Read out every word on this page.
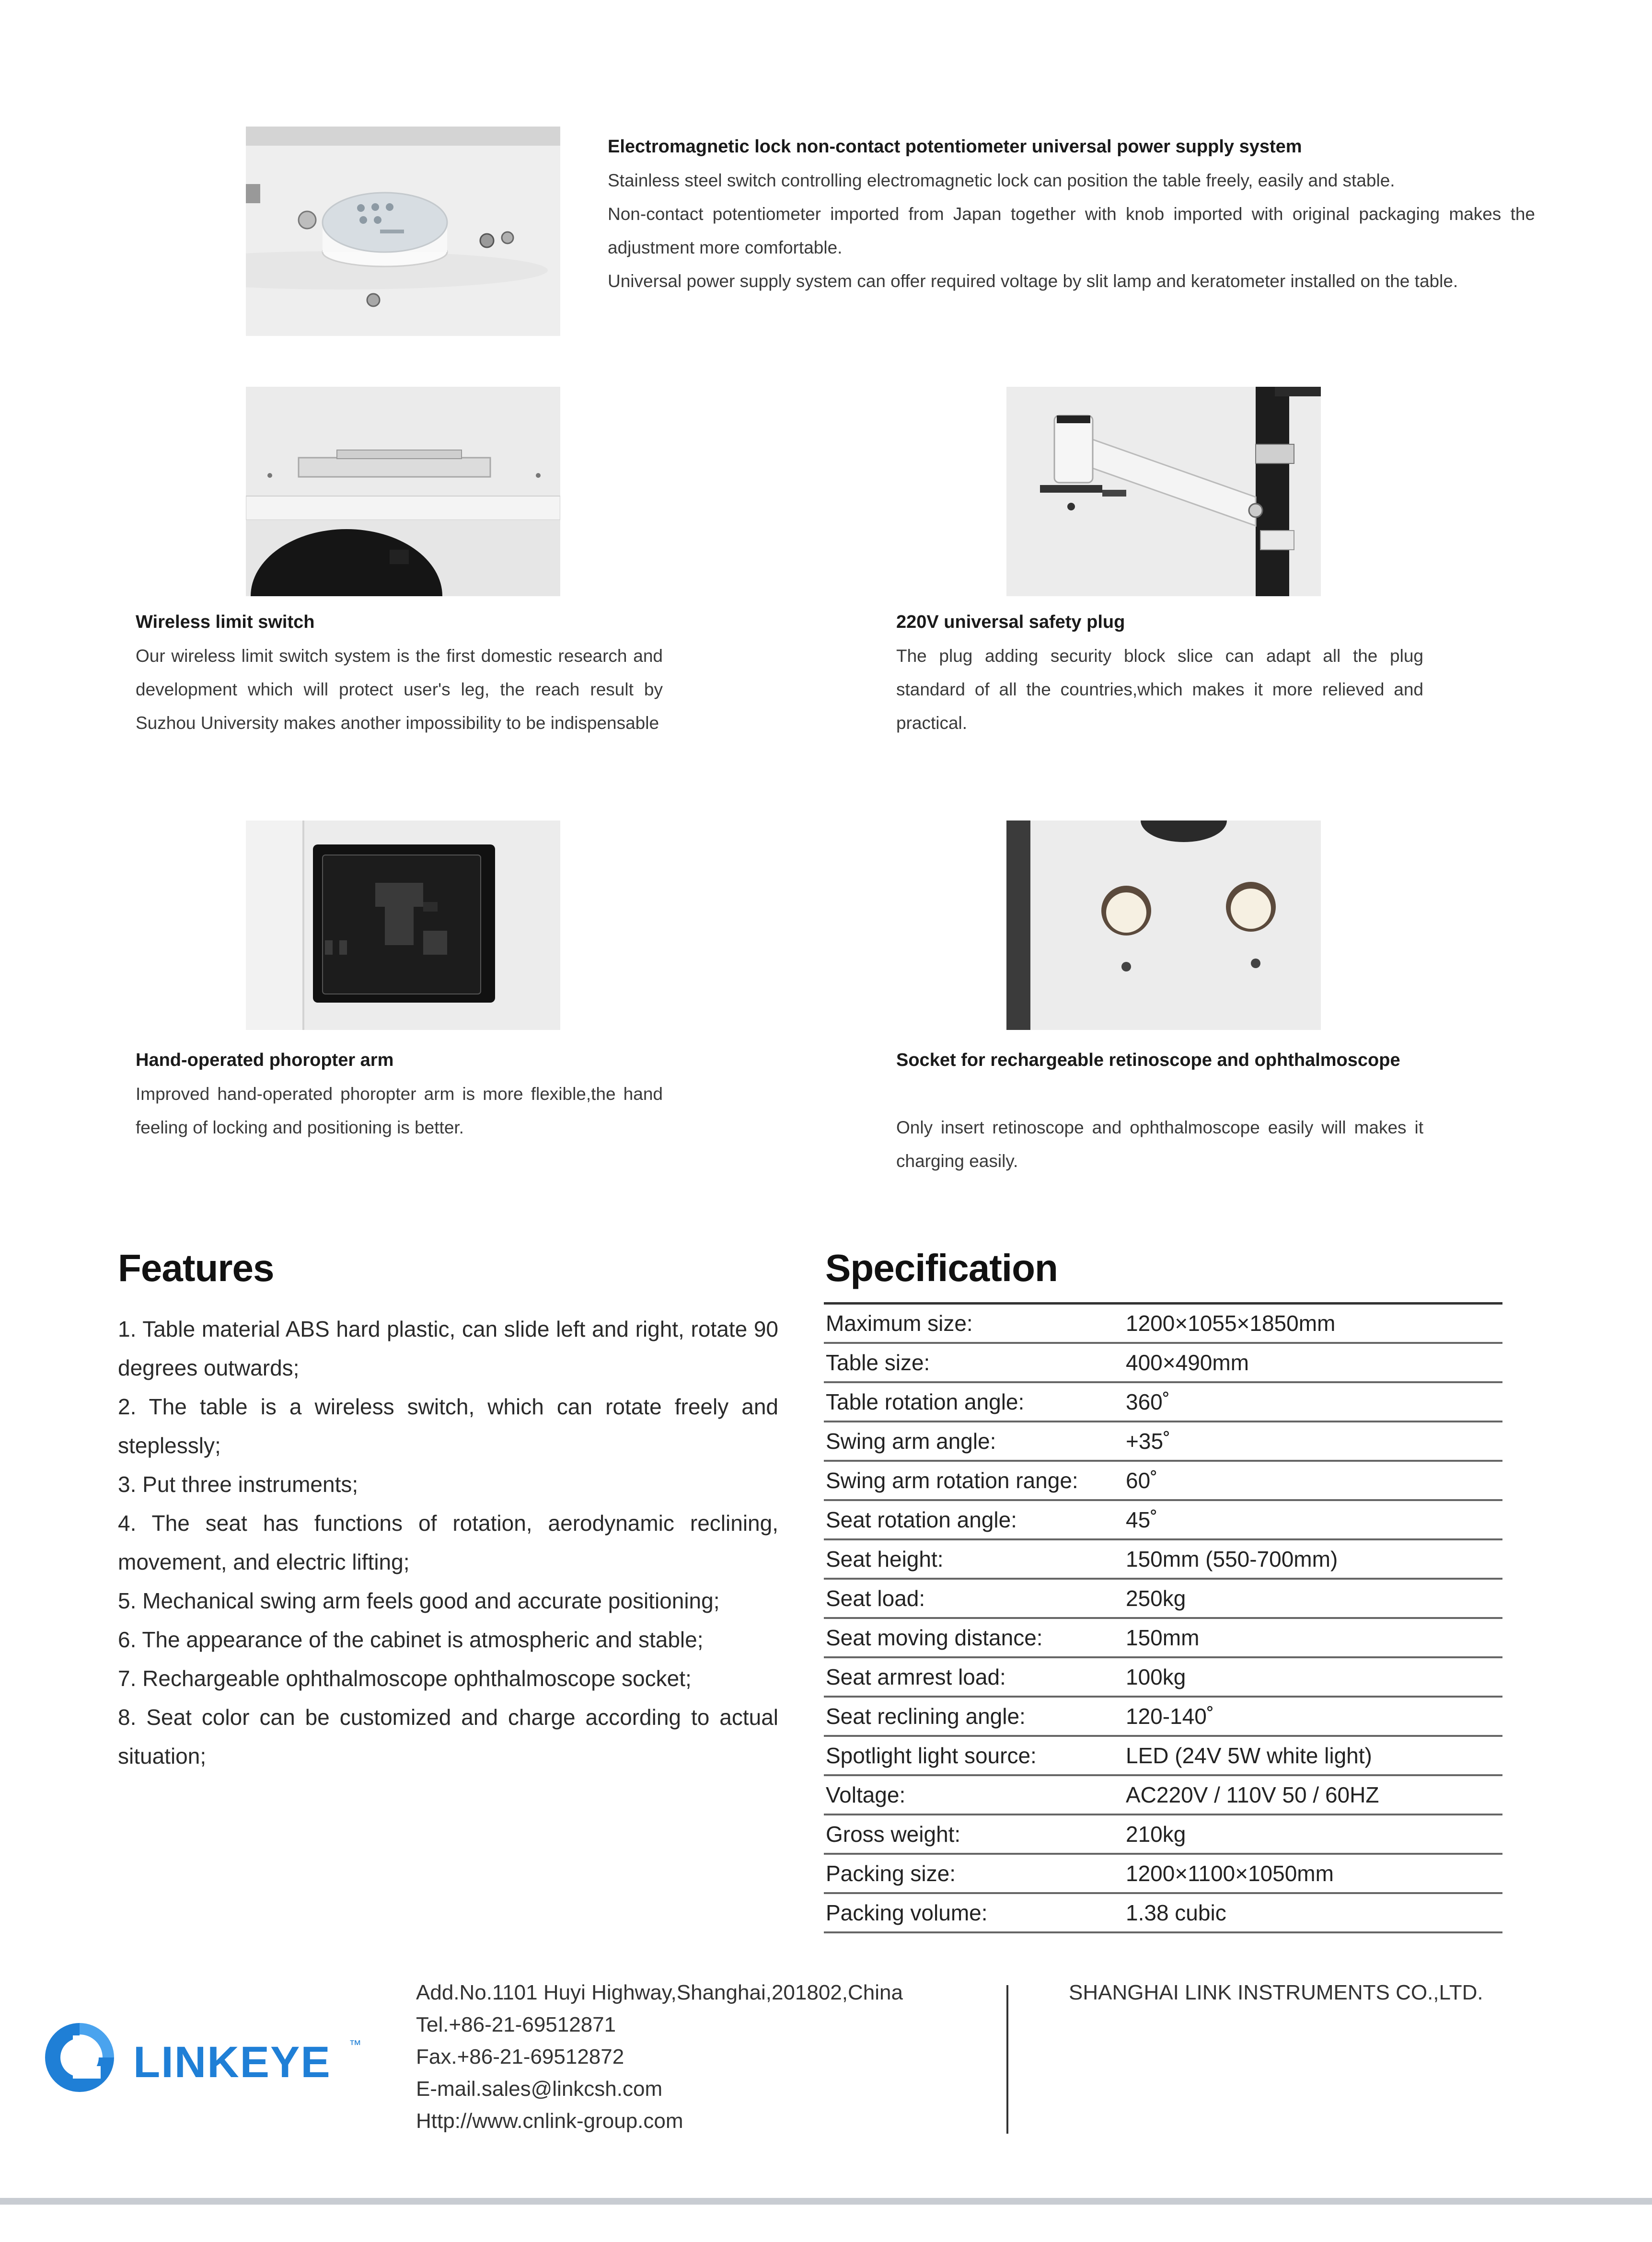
Electromagnetic lock non-contact potentiometer universal power supply system
Stainless steel switch controlling electromagnetic lock can position the table freely, easily and stable.
Non-contact potentiometer imported from Japan together with knob imported with original packaging makes the adjustment more comfortable.
Universal power supply system can offer required voltage by slit lamp and keratometer installed on the table.
Wireless limit switch
Our wireless limit switch system is the first domestic research and development which will protect user's leg, the reach result by Suzhou University makes another impossibility to be indispensable
220V universal safety plug
The plug adding security block slice can adapt all the plug standard of all the countries,which makes it more relieved and practical.
Hand-operated phoropter arm
Improved hand-operated phoropter arm is more flexible,the hand feeling of locking and positioning is better.
Socket for rechargeable retinoscope and ophthalmoscope
Only insert retinoscope and ophthalmoscope easily will makes it charging easily.
Features
1. Table material ABS hard plastic, can slide left and right, rotate 90 degrees outwards;
2. The table is a wireless switch, which can rotate freely and steplessly;
3. Put three instruments;
4. The seat has functions of rotation, aerodynamic reclining, movement, and electric lifting;
5. Mechanical swing arm feels good and accurate positioning;
6. The appearance of the cabinet is atmospheric and stable;
7. Rechargeable ophthalmoscope ophthalmoscope socket;
8. Seat color can be customized and charge according to actual situation;
Specification
Maximum size:	1200×1055×1850mm
Table size:	400×490mm
Table rotation angle:	360˚
Swing arm angle:	+35˚
Swing arm rotation range:	60˚
Seat rotation angle:	45˚
Seat height:	150mm (550-700mm)
Seat load:	250kg
Seat moving distance:	150mm
Seat armrest load:	100kg
Seat reclining angle:	120-140˚
Spotlight light source:	LED (24V 5W white light)
Voltage:	AC220V / 110V 50 / 60HZ
Gross weight:	210kg
Packing size:	1200×1100×1050mm
Packing volume:	1.38 cubic
LINKEYE ™
Add.No.1101 Huyi Highway,Shanghai,201802,China
Tel.+86-21-69512871
Fax.+86-21-69512872
E-mail.sales@linkcsh.com
Http://www.cnlink-group.com
SHANGHAI LINK INSTRUMENTS CO.,LTD.
